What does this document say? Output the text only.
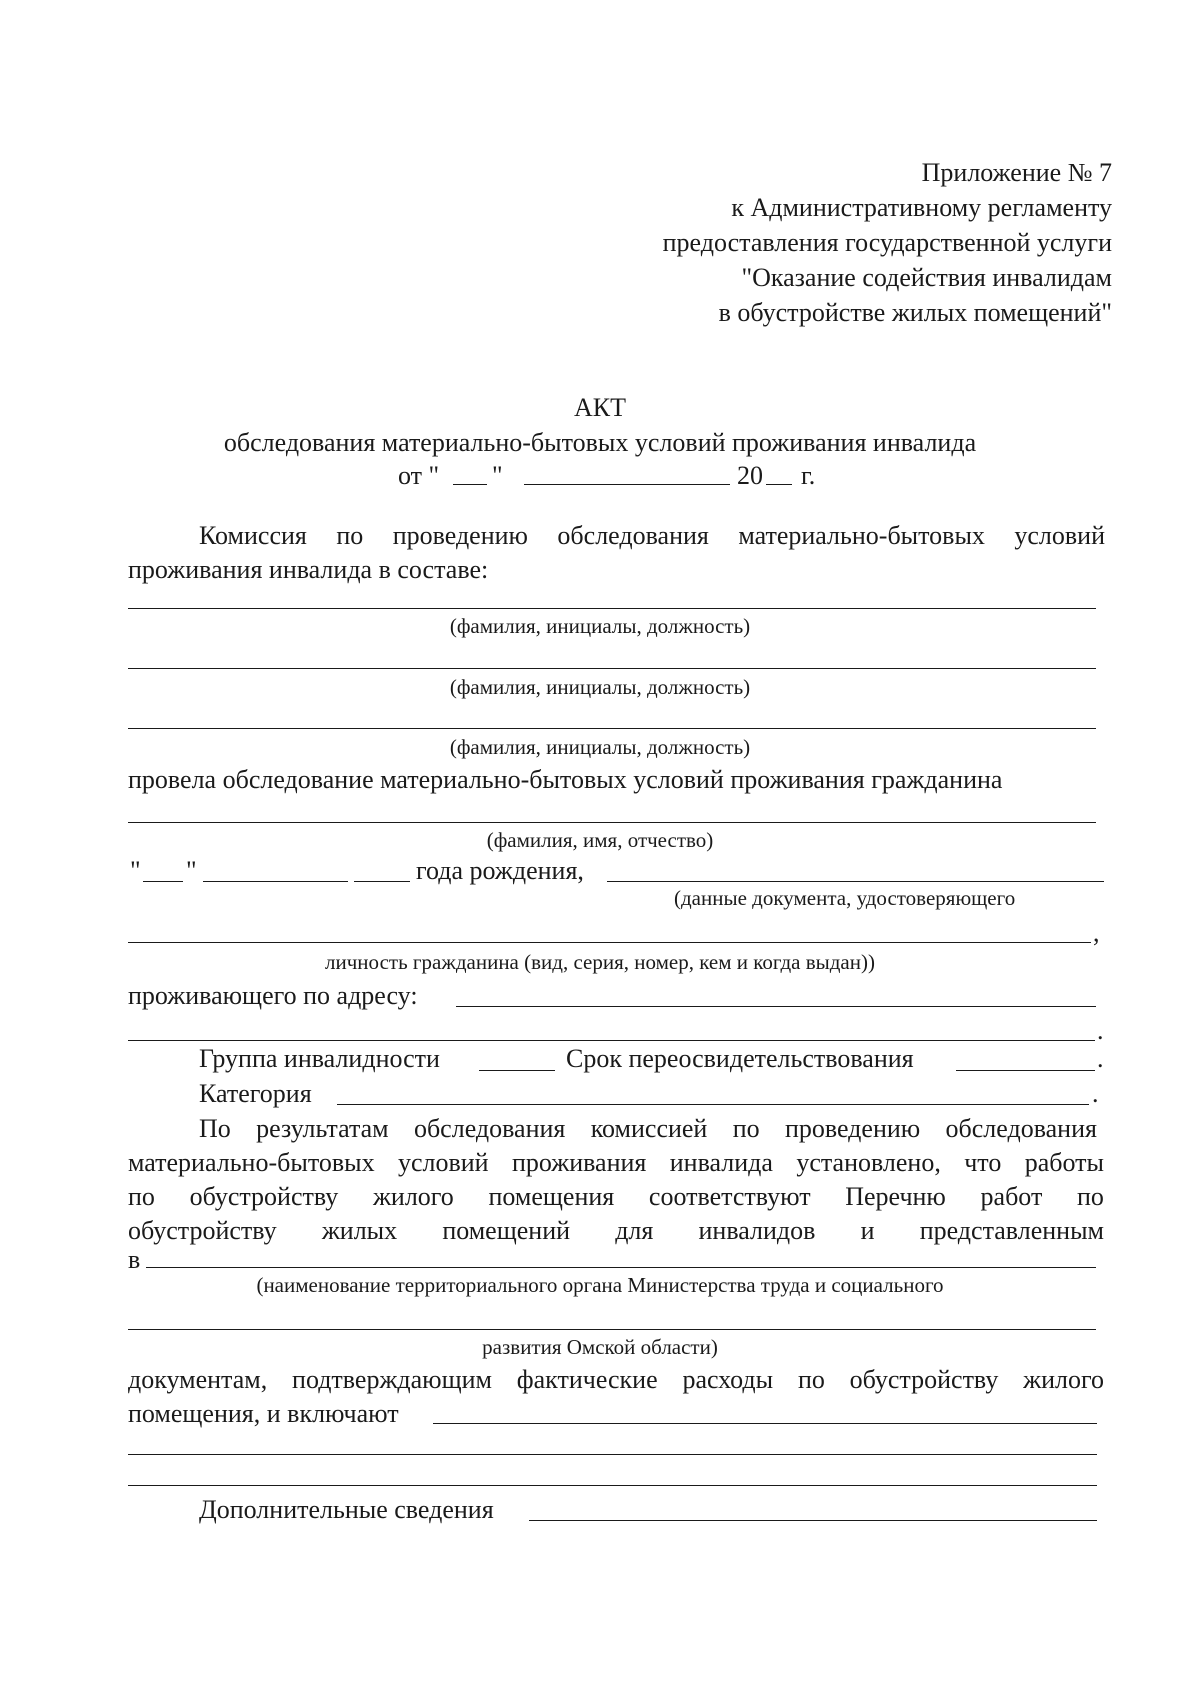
Приложение № 7
к Административному регламенту
предоставления государственной услуги
"Оказание содействия инвалидам
в обустройстве жилых помещений"
АКТ
обследования материально-бытовых условий проживания инвалида
от " "	20 г.
Комиссия по проведению обследования материально-бытовых условий
проживания инвалида в составе:
(фамилия, инициалы, должность)
(фамилия, инициалы, должность)
(фамилия, инициалы, должность)
провела обследование материально-бытовых условий проживания гражданина
(фамилия, имя, отчество)
" "	года рождения,
(данные документа, удостоверяющего
,
личность гражданина (вид, серия, номер, кем и когда выдан))
проживающего по адресу:
.
Группа инвалидности	Срок переосвидетельствования	.
Категория	.
По результатам обследования комиссией по проведению обследования
материально-бытовых условий проживания инвалида установлено, что работы
по обустройству жилого помещения соответствуют Перечню работ по
обустройству жилых помещений для инвалидов и представленным
в
(наименование территориального органа Министерства труда и социального
развития Омской области)
документам, подтверждающим фактические расходы по обустройству жилого
помещения, и включают
Дополнительные сведения
